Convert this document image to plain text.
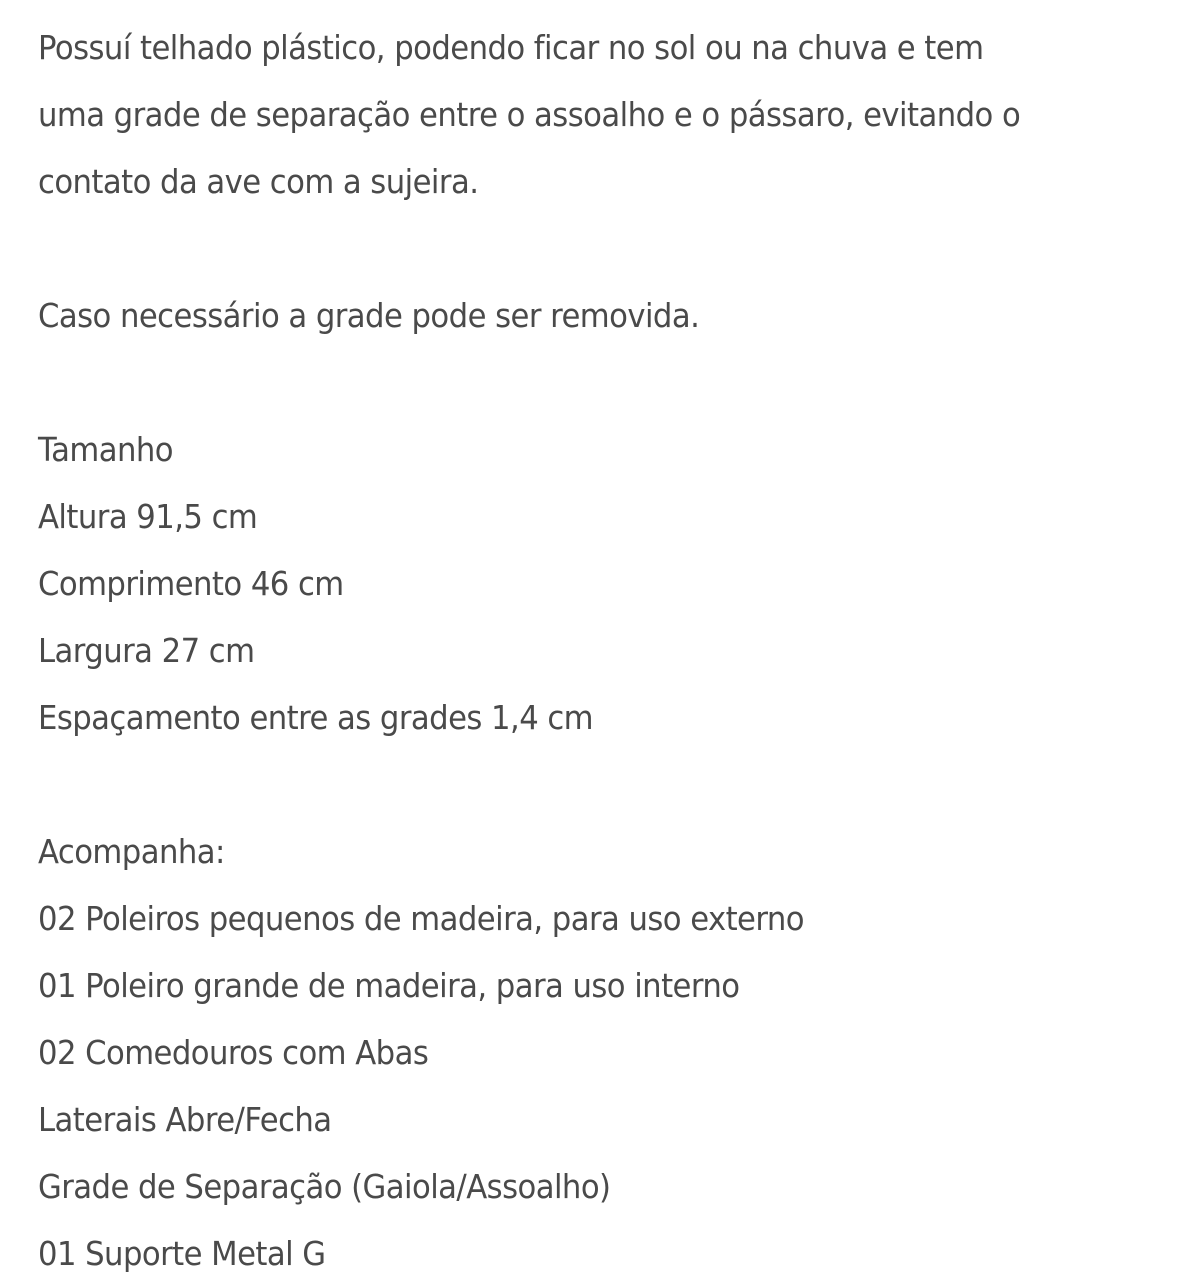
Possuí telhado plástico, podendo ficar no sol ou na chuva e tem
uma grade de separação entre o assoalho e o pássaro, evitando o
contato da ave com a sujeira.
Caso necessário a grade pode ser removida.
Tamanho
Altura 91,5 cm
Comprimento 46 cm
Largura 27 cm
Espaçamento entre as grades 1,4 cm
Acompanha:
02 Poleiros pequenos de madeira, para uso externo
01 Poleiro grande de madeira, para uso interno
02 Comedouros com Abas
Laterais Abre/Fecha
Grade de Separação (Gaiola/Assoalho)
01 Suporte Metal G
